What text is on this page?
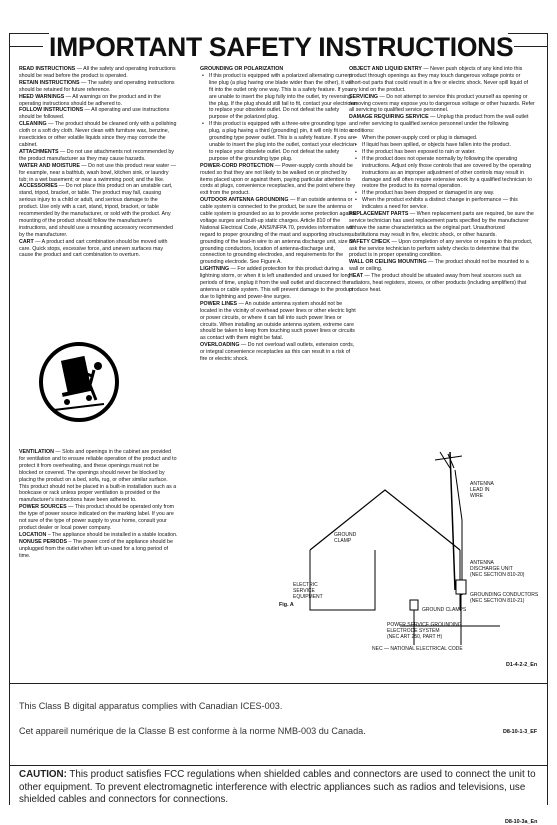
IMPORTANT SAFETY INSTRUCTIONS

READ INSTRUCTIONS — All the safety and operating instructions should be read before the product is operated.

RETAIN INSTRUCTIONS — The safety and operating instructions should be retained for future reference.

HEED WARNINGS — All warnings on the product and in the operating instructions should be adhered to.

FOLLOW INSTRUCTIONS — All operating and use instructions should be followed.

CLEANING — The product should be cleaned only with a polishing cloth or a soft dry cloth. Never clean with furniture wax, benzine, insecticides or other volatile liquids since they may corrode the cabinet.

ATTACHMENTS — Do not use attachments not recommended by the product manufacturer as they may cause hazards.

WATER AND MOISTURE — Do not use this product near water — for example, near a bathtub, wash bowl, kitchen sink, or laundry tub; in a wet basement; or near a swimming pool; and the like.

ACCESSORIES — Do not place this product on an unstable cart, stand, tripod, bracket, or table. The product may fall, causing serious injury to a child or adult, and serious damage to the product. Use only with a cart, stand, tripod, bracket, or table recommended by the manufacturer, or sold with the product. Any mounting of the product should follow the manufacturer's instructions, and should use a mounting accessory recommended by the manufacturer.

CART — A product and cart combination should be moved with care. Quick stops, excessive force, and uneven surfaces may cause the product and cart combination to overturn.

VENTILATION — Slots and openings in the cabinet are provided for ventilation and to ensure reliable operation of the product and to protect it from overheating, and these openings must not be blocked or covered. The openings should never be blocked by placing the product on a bed, sofa, rug, or other similar surface. This product should not be placed in a built-in installation such as a bookcase or rack unless proper ventilation is provided or the manufacturer's instructions have been adhered to.

POWER SOURCES — This product should be operated only from the type of power source indicated on the marking label. If you are not sure of the type of power supply to your home, consult your product dealer or local power company.

LOCATION – The appliance should be installed in a stable location.

NONUSE PERIODS – The power cord of the appliance should be unplugged from the outlet when left un-used for a long period of time.

GROUNDING OR POLARIZATION

• If this product is equipped with a polarized alternating current line plug (a plug having one blade wider than the other), it will fit into the outlet only one way. This is a safety feature. If you are unable to insert the plug fully into the outlet, try reversing the plug. If the plug should still fail to fit, contact your electrician to replace your obsolete outlet. Do not defeat the safety purpose of the polarized plug.

• If this product is equipped with a three-wire grounding type plug, a plug having a third (grounding) pin, it will only fit into a grounding type power outlet. This is a safety feature. If you are unable to insert the plug into the outlet, contact your electrician to replace your obsolete outlet. Do not defeat the safety purpose of the grounding type plug.

POWER-CORD PROTECTION — Power-supply cords should be routed so that they are not likely to be walked on or pinched by items placed upon or against them, paying particular attention to cords at plugs, convenience receptacles, and the point where they exit from the product.

OUTDOOR ANTENNA GROUNDING — If an outside antenna or cable system is connected to the product, be sure the antenna or cable system is grounded so as to provide some protection against voltage surges and built-up static charges. Article 810 of the National Electrical Code, ANSI/NFPA 70, provides information with regard to proper grounding of the mast and supporting structure, grounding of the lead-in wire to an antenna discharge unit, size of grounding conductors, location of antenna-discharge unit, connection to grounding electrodes, and requirements for the grounding electrode. See Figure A.

LIGHTNING — For added protection for this product during a lightning storm, or when it is left unattended and unused for long periods of time, unplug it from the wall outlet and disconnect the antenna or cable system. This will prevent damage to the product due to lightning and power-line surges.

POWER LINES — An outside antenna system should not be located in the vicinity of overhead power lines or other electric light or power circuits, or where it can fall into such power lines or circuits. When installing an outside antenna system, extreme care should be taken to keep from touching such power lines or circuits as contact with them might be fatal.

OVERLOADING — Do not overload wall outlets, extension cords, or integral convenience receptacles as this can result in a risk of fire or electric shock.

OBJECT AND LIQUID ENTRY — Never push objects of any kind into this product through openings as they may touch dangerous voltage points or short-out parts that could result in a fire or electric shock. Never spill liquid of any kind on the product.

SERVICING — Do not attempt to service this product yourself as opening or removing covers may expose you to dangerous voltage or other hazards. Refer all servicing to qualified service personnel.

DAMAGE REQUIRING SERVICE — Unplug this product from the wall outlet and refer servicing to qualified service personnel under the following conditions:

• When the power-supply cord or plug is damaged.

• If liquid has been spilled, or objects have fallen into the product.

• If the product has been exposed to rain or water.

• If the product does not operate normally by following the operating instructions. Adjust only those controls that are covered by the operating instructions as an improper adjustment of other controls may result in damage and will often require extensive work by a qualified technician to restore the product to its normal operation.

• If the product has been dropped or damaged in any way.

• When the product exhibits a distinct change in performance — this indicates a need for service.

REPLACEMENT PARTS — When replacement parts are required, be sure the service technician has used replacement parts specified by the manufacturer or have the same characteristics as the original part. Unauthorized substitutions may result in fire, electric shock, or other hazards.

SAFETY CHECK — Upon completion of any service or repairs to this product, ask the service technician to perform safety checks to determine that the product is in proper operating condition.

WALL OR CEILING MOUNTING — The product should not be mounted to a wall or ceiling.

HEAT — The product should be situated away from heat sources such as radiators, heat registers, stoves, or other products (including amplifiers) that produce heat.

GROUND
CLAMP
ELECTRIC
SERVICE
EQUIPMENT
ANTENNA
LEAD IN
WIRE
ANTENNA
DISCHARGE UNIT
(NEC SECTION 810-20)
GROUNDING CONDUCTORS
(NEC SECTION 810-21)
GROUND CLAMPS
POWER SERVICE GROUNDING
ELECTRODE SYSTEM
(NEC ART 250, PART H)
Fig. A
NEC — NATIONAL ELECTRICAL CODE
D1-4-2-2_En
This Class B digital apparatus complies with Canadian ICES-003.
Cet appareil numérique de la Classe B est conforme à la norme NMB-003 du Canada.	D8-10-1-3_EF
CAUTION: This product satisfies FCC regulations when shielded cables and connectors are used to connect the unit to other equipment. To prevent electromagnetic interference with electric appliances such as radios and televisions, use shielded cables and connectors for connections.
D8-10-3a_En
